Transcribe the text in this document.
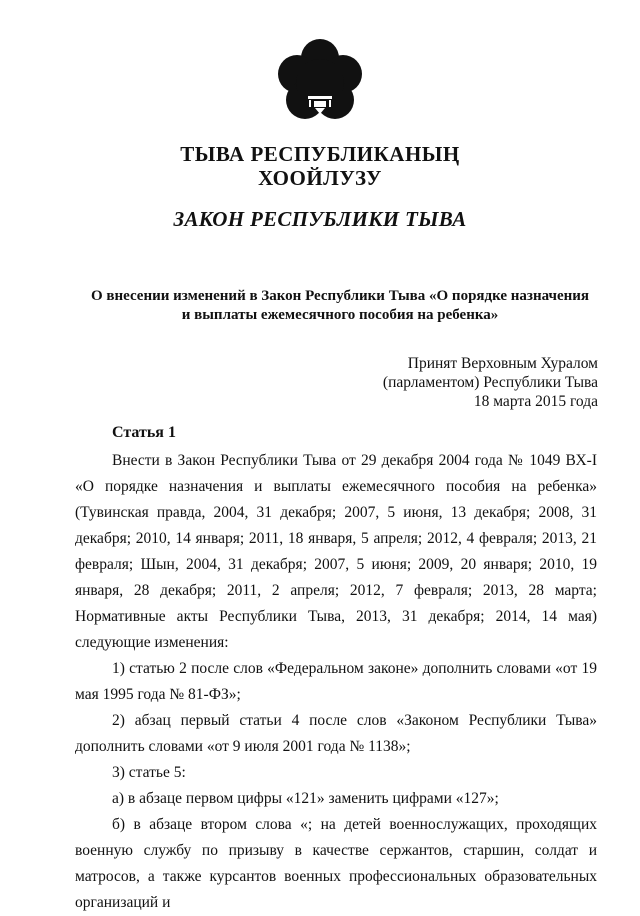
ТЫВА РЕСПУБЛИКАНЫҢ
ХООЙЛУЗУ
ЗАКОН РЕСПУБЛИКИ ТЫВА
О внесении изменений в Закон Республики Тыва «О порядке назначения
и выплаты ежемесячного пособия на ребенка»
Принят Верховным Хуралом
(парламентом) Республики Тыва
18 марта 2015 года
Статья 1

Внести в Закон Республики Тыва от 29 декабря 2004 года № 1049 ВХ-I «О порядке назначения и выплаты ежемесячного пособия на ребенка» (Тувинская правда, 2004, 31 декабря; 2007, 5 июня, 13 декабря; 2008, 31 декабря; 2010, 14 января; 2011, 18 января, 5 апреля; 2012, 4 февраля; 2013, 21 февраля; Шын, 2004, 31 декабря; 2007, 5 июня; 2009, 20 января; 2010, 19 января, 28 декабря; 2011, 2 апреля; 2012, 7 февраля; 2013, 28 марта; Нормативные акты Республики Тыва, 2013, 31 декабря; 2014, 14 мая) следующие изменения:

1) статью 2 после слов «Федеральном законе» дополнить словами «от 19 мая 1995 года № 81-ФЗ»;

2) абзац первый статьи 4 после слов «Законом Республики Тыва» дополнить словами «от 9 июля 2001 года № 1138»;

3) статье 5:

а) в абзаце первом цифры «121» заменить цифрами «127»;

б) в абзаце втором слова «; на детей военнослужащих, проходящих военную службу по призыву в качестве сержантов, старшин, солдат и матросов, а также курсантов военных профессиональных образовательных организаций и
